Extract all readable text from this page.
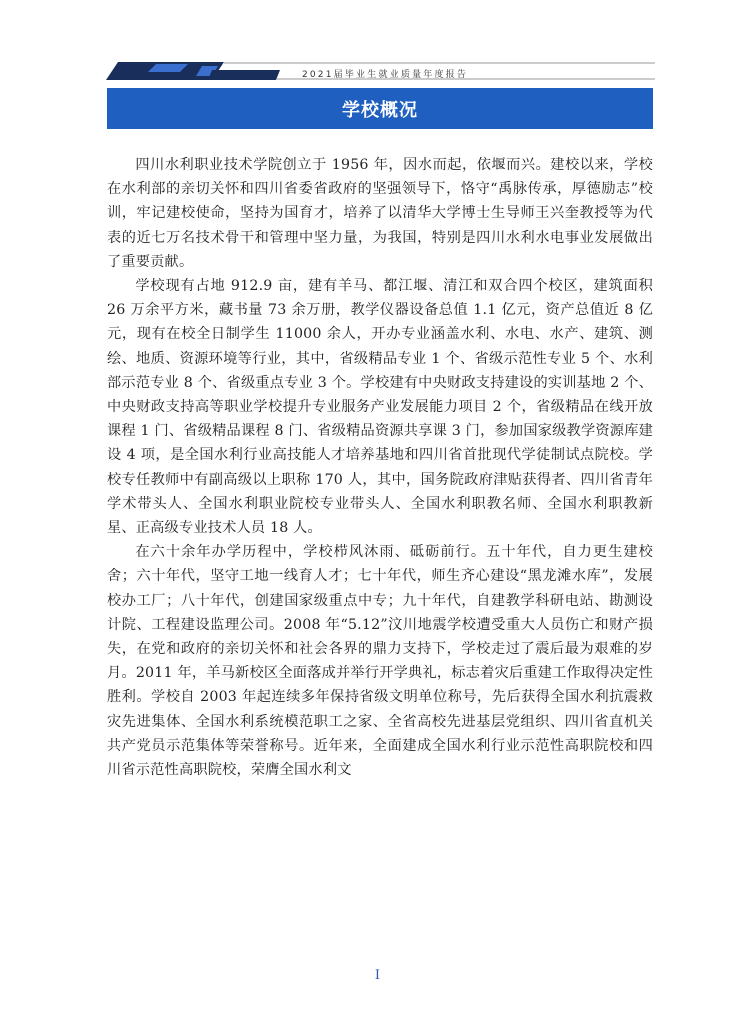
2021届毕业生就业质量年度报告
学校概况

四川水利职业技术学院创立于 1956 年，因水而起，依堰而兴。建校以来，学校在水利部的亲切关怀和四川省委省政府的坚强领导下，恪守“禹脉传承，厚德励志”校训，牢记建校使命，坚持为国育才，培养了以清华大学博士生导师王兴奎教授等为代表的近七万名技术骨干和管理中坚力量，为我国，特别是四川水利水电事业发展做出了重要贡献。

学校现有占地 912.9 亩，建有羊马、都江堰、清江和双合四个校区，建筑面积 26 万余平方米，藏书量 73 余万册，教学仪器设备总值 1.1 亿元，资产总值近 8 亿元，现有在校全日制学生 11000 余人，开办专业涵盖水利、水电、水产、建筑、测绘、地质、资源环境等行业，其中，省级精品专业 1 个、省级示范性专业 5 个、水利部示范专业 8 个、省级重点专业 3 个。学校建有中央财政支持建设的实训基地 2 个、中央财政支持高等职业学校提升专业服务产业发展能力项目 2 个，省级精品在线开放课程 1 门、省级精品课程 8 门、省级精品资源共享课 3 门，参加国家级教学资源库建设 4 项，是全国水利行业高技能人才培养基地和四川省首批现代学徒制试点院校。学校专任教师中有副高级以上职称 170 人，其中，国务院政府津贴获得者、四川省青年学术带头人、全国水利职业院校专业带头人、全国水利职教名师、全国水利职教新星、正高级专业技术人员 18 人。

在六十余年办学历程中，学校栉风沐雨、砥砺前行。五十年代，自力更生建校舍；六十年代，坚守工地一线育人才；七十年代，师生齐心建设“黑龙滩水库”，发展校办工厂；八十年代，创建国家级重点中专；九十年代，自建教学科研电站、勘测设计院、工程建设监理公司。2008 年“5.12”汶川地震学校遭受重大人员伤亡和财产损失，在党和政府的亲切关怀和社会各界的鼎力支持下，学校走过了震后最为艰难的岁月。2011 年，羊马新校区全面落成并举行开学典礼，标志着灾后重建工作取得决定性胜利。学校自 2003 年起连续多年保持省级文明单位称号，先后获得全国水利抗震救灾先进集体、全国水利系统模范职工之家、全省高校先进基层党组织、四川省直机关共产党员示范集体等荣誉称号。近年来，全面建成全国水利行业示范性高职院校和四川省示范性高职院校，荣膺全国水利文

I
